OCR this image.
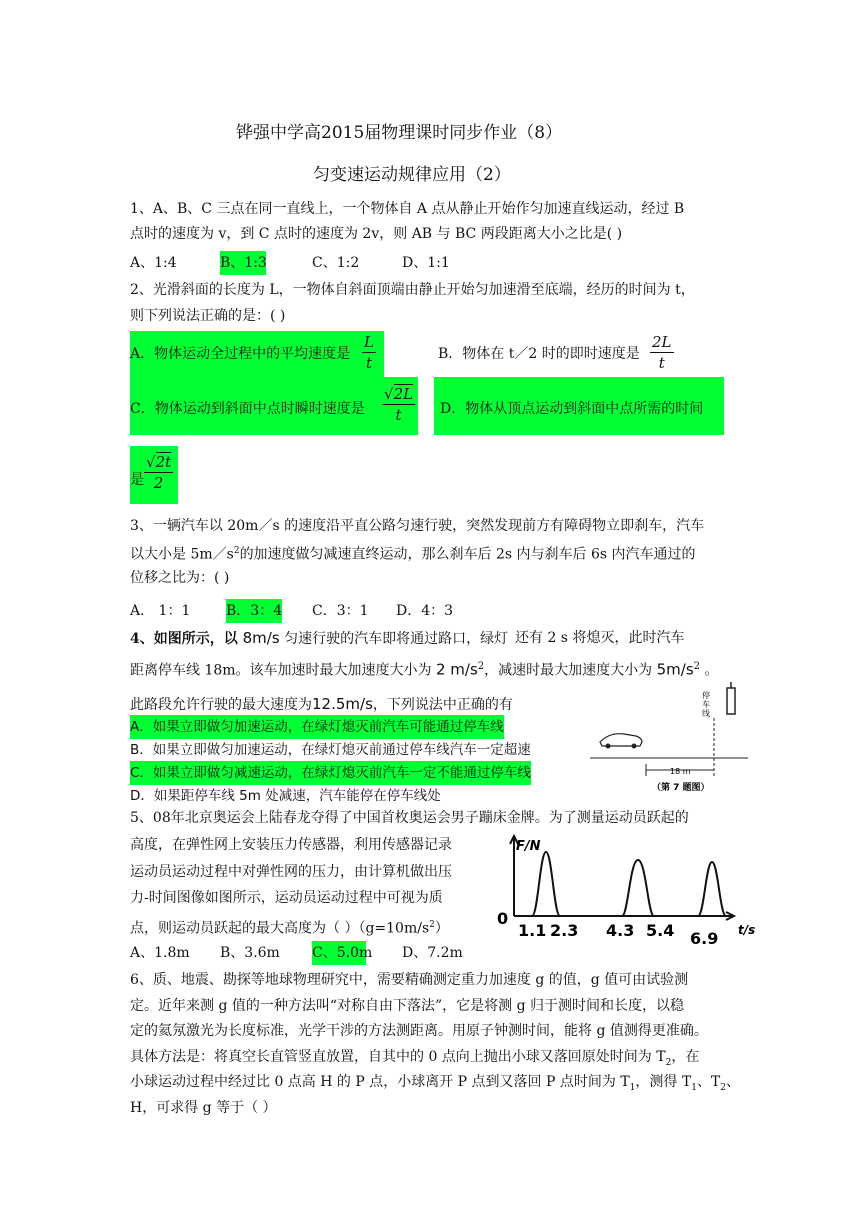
铧强中学高2015届物理课时同步作业（8）
匀变速运动规律应用（2）
1、A、B、C 三点在同一直线上，一个物体自 A 点从静止开始作匀加速直线运动，经过 B
点时的速度为 v，到 C 点时的速度为 2v，则 AB 与 BC 两段距离大小之比是( )
A、1:4	B、1:3	C、1:2	D、1:1
2、光滑斜面的长度为 L，一物体自斜面顶端由静止开始匀加速滑至底端，经历的时间为 t，
则下列说法正确的是：( )
A．物体运动全过程中的平均速度是 $\frac{L}{t}$	B．物体在 t／2 时的即时速度是 $\frac{2L}{t}$
C．物体运动到斜面中点时瞬时速度是 $\frac{√2L}{t}$ D．物体从顶点运动到斜面中点所需的时间
是 $\frac{√2t}{2}$
3、一辆汽车以 20m／s 的速度沿平直公路匀速行驶，突然发现前方有障碍物立即刹车，汽车
以大小是 $5m/s^2$的加速度做匀减速直终运动，那么刹车后 2s 内与刹车后 6s 内汽车通过的
位移之比为：( )
A． 1：1	B．3：4 C．3：1 D．4：3
4、如图所示，以 8m/s 匀速行驶的汽车即将通过路口，绿灯 还有 2 s 将熄灭，此时汽车
距离停车线 18m。该车加速时最大加速度大小为 2 $m/s^2$，减速时最大加速度大小为 $5m/s^2$ 。
此路段允许行驶的最大速度为12.5m/s，下列说法中正确的有
A．如果立即做匀加速运动，在绿灯熄灭前汽车可能通过停车线
B．如果立即做匀加速运动，在绿灯熄灭前通过停车线汽车一定超速
C．如果立即做匀减速运动，在绿灯熄灭前汽车一定不能通过停车线
D．如果距停车线 5m 处减速，汽车能停在停车线处
停车线
18 m
（第 7 题图）
5、08年北京奥运会上陆春龙夺得了中国首枚奥运会男子蹦床金牌。为了测量运动员跃起的
高度，在弹性网上安装压力传感器，利用传感器记录
运动员运动过程中对弹性网的压力，由计算机做出压
力-时间图像如图所示，运动员运动过程中可视为质
点，则运动员跃起的最大高度为（ ）$(g=10m/s^2)$
A、1.8m B、3.6m C、5.0m D、7.2m
F/N
t/s
0
1.1 2.3 4.3 5.4 6.9
6、质、地震、勘探等地球物理研究中，需要精确测定重力加速度 g 的值，g 值可由试验测
定。近年来测 g 值的一种方法叫“对称自由下落法”，它是将测 g 归于测时间和长度，以稳
定的氦氖激光为长度标准，光学干涉的方法测距离。用原子钟测时间，能将 g 值测得更准确。
具体方法是：将真空长直管竖直放置，自其中的 0 点向上抛出小球又落回原处时间为 $T_2$，在
小球运动过程中经过比 0 点高 H 的 P 点，小球离开 P 点到又落回 P 点时间为 $T_1$，测得 $T_1$、$T_2$、
H，可求得 g 等于（ ）
